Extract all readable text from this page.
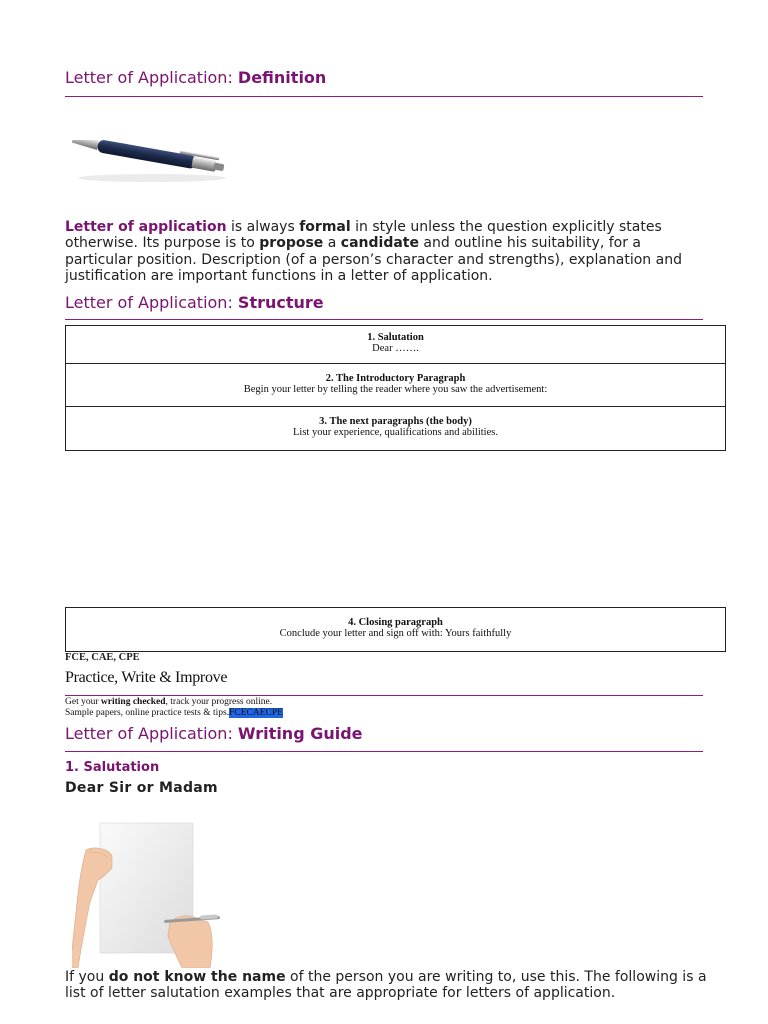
Letter of Application: Definition
Letter of application is always formal in style unless the question explicitly states otherwise. Its purpose is to propose a candidate and outline his suitability, for a particular position. Description (of a person’s character and strengths), explanation and justification are important functions in a letter of application.
Letter of Application: Structure
1. Salutation
Dear …….
2. The Introductory Paragraph
Begin your letter by telling the reader where you saw the advertisement:
3. The next paragraphs (the body)
List your experience, qualifications and abilities.
4. Closing paragraph
Conclude your letter and sign off with: Yours faithfully
FCE, CAE, CPE
Practice, Write & Improve
Get your writing checked, track your progress online.
Sample papers, online practice tests & tips.FCECAECPE
Letter of Application: Writing Guide
1. Salutation
Dear Sir or Madam
If you do not know the name of the person you are writing to, use this. The following is a list of letter salutation examples that are appropriate for letters of application.
